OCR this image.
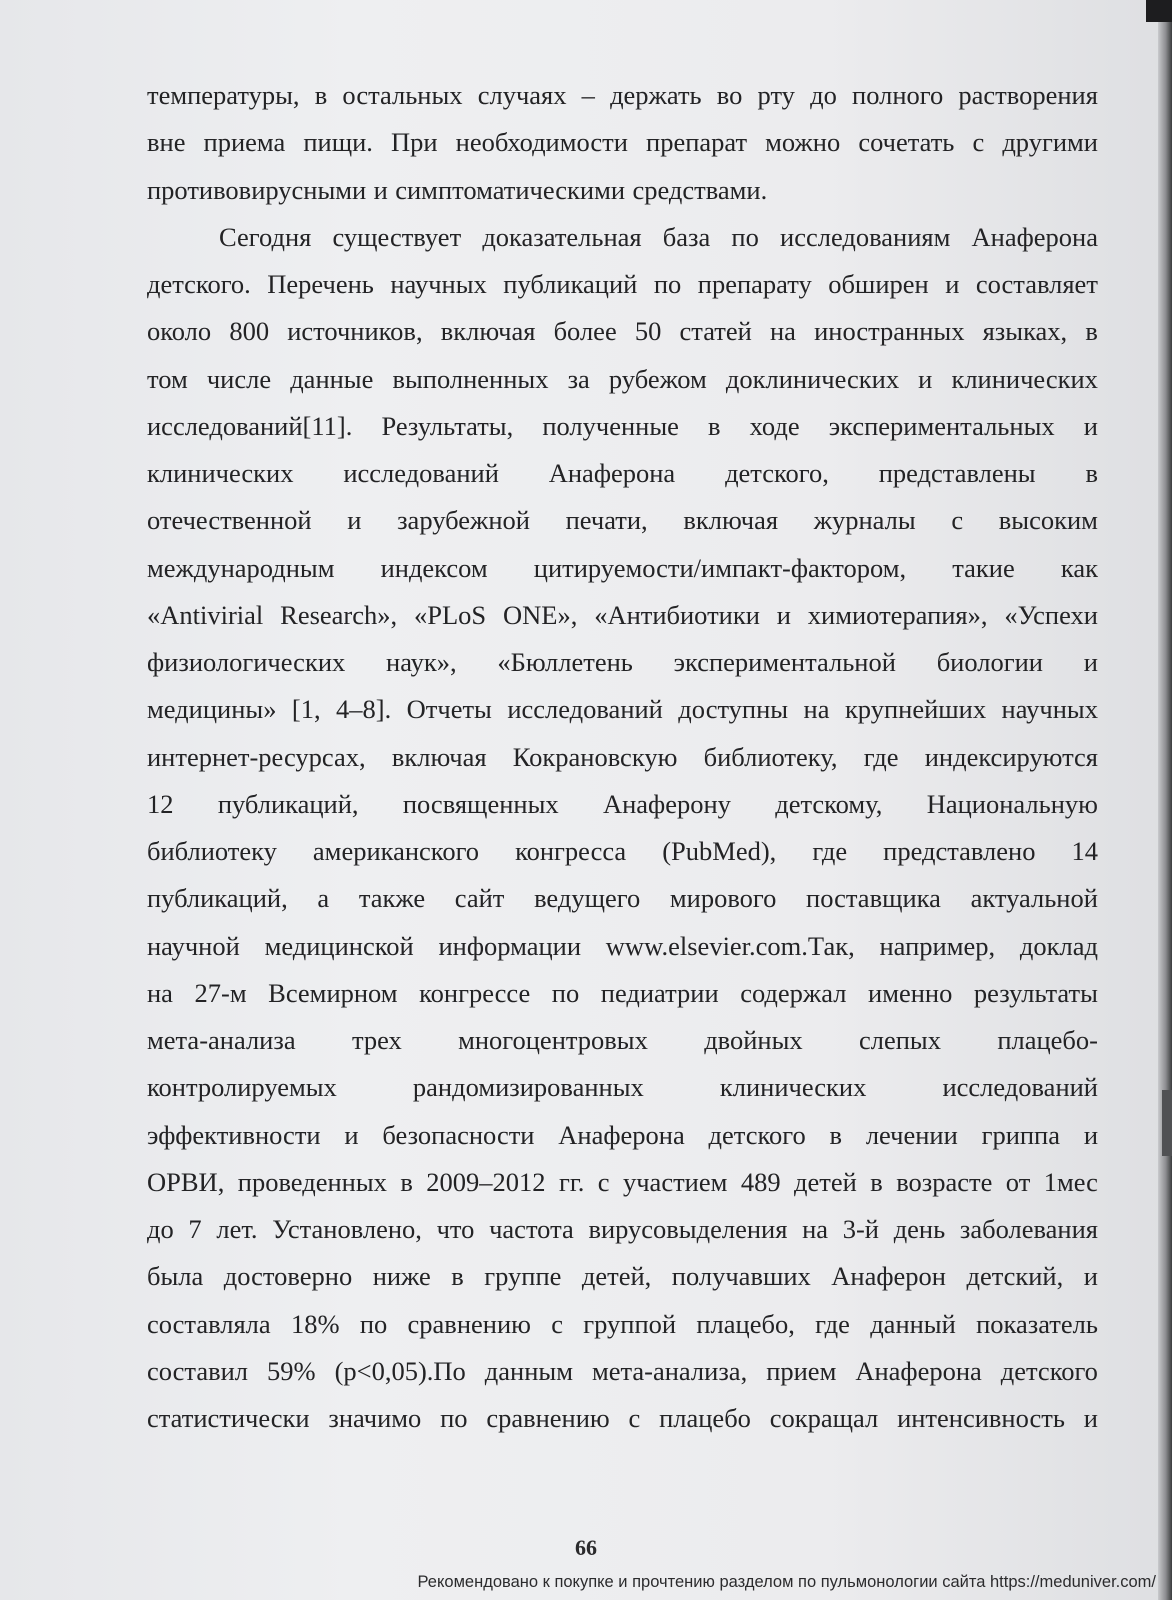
температуры, в остальных случаях – держать во рту до полного растворения
вне приема пищи. При необходимости препарат можно сочетать с другими
противовирусными и симптоматическими средствами.
Сегодня существует доказательная база по исследованиям Анаферона
детского. Перечень научных публикаций по препарату обширен и составляет
около 800 источников, включая более 50 статей на иностранных языках, в
том числе данные выполненных за рубежом доклинических и клинических
исследований[11]. Результаты, полученные в ходе экспериментальных и
клинических исследований Анаферона детского, представлены в
отечественной и зарубежной печати, включая журналы с высоким
международным индексом цитируемости/импакт-фактором, такие как
«Antivirial Research», «PLoS ONE», «Антибиотики и химиотерапия», «Успехи
физиологических наук», «Бюллетень экспериментальной биологии и
медицины» [1, 4–8]. Отчеты исследований доступны на крупнейших научных
интернет-ресурсах, включая Кокрановскую библиотеку, где индексируются
12 публикаций, посвященных Анаферону детскому, Национальную
библиотеку американского конгресса (PubMed), где представлено 14
публикаций, а также сайт ведущего мирового поставщика актуальной
научной медицинской информации www.elsevier.com.Так, например, доклад
на 27-м Всемирном конгрессе по педиатрии содержал именно результаты
мета-анализа трех многоцентровых двойных слепых плацебо-
контролируемых	рандомизированных	клинических	исследований
эффективности и безопасности Анаферона детского в лечении гриппа и
ОРВИ, проведенных в 2009–2012 гг. с участием 489 детей в возрасте от 1мес
до 7 лет. Установлено, что частота вирусовыделения на 3-й день заболевания
была достоверно ниже в группе детей, получавших Анаферон детский, и
составляла 18% по сравнению с группой плацебо, где данный показатель
составил 59% (p<0,05).По данным мета-анализа, прием Анаферона детского
статистически значимо по сравнению с плацебо сокращал интенсивность и
66
Рекомендовано к покупке и прочтению разделом по пульмонологии сайта https://meduniver.com/
